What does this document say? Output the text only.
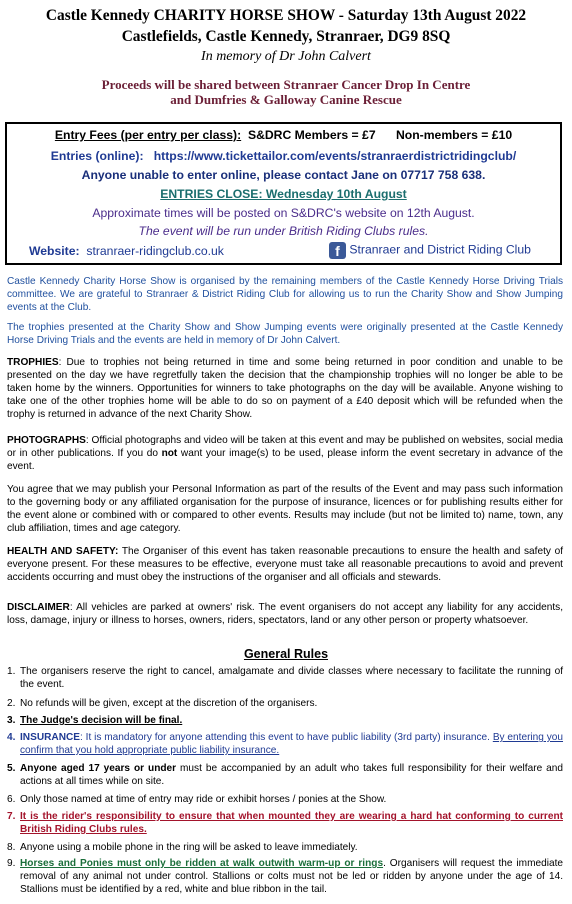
Castle Kennedy CHARITY HORSE SHOW - Saturday 13th August 2022
Castlefields, Castle Kennedy, Stranraer, DG9 8SQ
In memory of Dr John Calvert
Proceeds will be shared between Stranraer Cancer Drop In Centre
and Dumfries & Galloway Canine Rescue
Entry Fees (per entry per class): S&DRC Members = £7 Non-members = £10
Entries (online): https://www.tickettailor.com/events/stranraerdistrictridingclub/
Anyone unable to enter online, please contact Jane on 07717 758 638.
ENTRIES CLOSE: Wednesday 10th August
Approximate times will be posted on S&DRC's website on 12th August.
The event will be run under British Riding Clubs rules.
Website: stranraer-ridingclub.co.uk	f Stranraer and District Riding Club
Castle Kennedy Charity Horse Show is organised by the remaining members of the Castle Kennedy Horse Driving Trials committee. We are grateful to Stranraer & District Riding Club for allowing us to run the Charity Show and Show Jumping events at the Club.
The trophies presented at the Charity Show and Show Jumping events were originally presented at the Castle Kennedy Horse Driving Trials and the events are held in memory of Dr John Calvert.
TROPHIES: Due to trophies not being returned in time and some being returned in poor condition and unable to be presented on the day we have regretfully taken the decision that the championship trophies will no longer be able to be taken home by the winners. Opportunities for winners to take photographs on the day will be available. Anyone wishing to take one of the other trophies home will be able to do so on payment of a £40 deposit which will be refunded when the trophy is returned in advance of the next Charity Show.
PHOTOGRAPHS: Official photographs and video will be taken at this event and may be published on websites, social media or in other publications. If you do not want your image(s) to be used, please inform the event secretary in advance of the event.
You agree that we may publish your Personal Information as part of the results of the Event and may pass such information to the governing body or any affiliated organisation for the purpose of insurance, licences or for publishing results either for the event alone or combined with or compared to other events. Results may include (but not be limited to) name, town, any club affiliation, times and age category.
HEALTH AND SAFETY: The Organiser of this event has taken reasonable precautions to ensure the health and safety of everyone present. For these measures to be effective, everyone must take all reasonable precautions to avoid and prevent accidents occurring and must obey the instructions of the organiser and all officials and stewards.
DISCLAIMER: All vehicles are parked at owners' risk. The event organisers do not accept any liability for any accidents, loss, damage, injury or illness to horses, owners, riders, spectators, land or any other person or property whatsoever.
General Rules
1. The organisers reserve the right to cancel, amalgamate and divide classes where necessary to facilitate the running of the event.
2. No refunds will be given, except at the discretion of the organisers.
3. The Judge's decision will be final.
4. INSURANCE: It is mandatory for anyone attending this event to have public liability (3rd party) insurance. By entering you confirm that you hold appropriate public liability insurance.
5. Anyone aged 17 years or under must be accompanied by an adult who takes full responsibility for their welfare and actions at all times while on site.
6. Only those named at time of entry may ride or exhibit horses / ponies at the Show.
7. It is the rider's responsibility to ensure that when mounted they are wearing a hard hat conforming to current British Riding Clubs rules.
8. Anyone using a mobile phone in the ring will be asked to leave immediately.
9. Horses and Ponies must only be ridden at walk outwith warm-up or rings. Organisers will request the immediate removal of any animal not under control. Stallions or colts must not be led or ridden by anyone under the age of 14. Stallions must be identified by a red, white and blue ribbon in the tail.
